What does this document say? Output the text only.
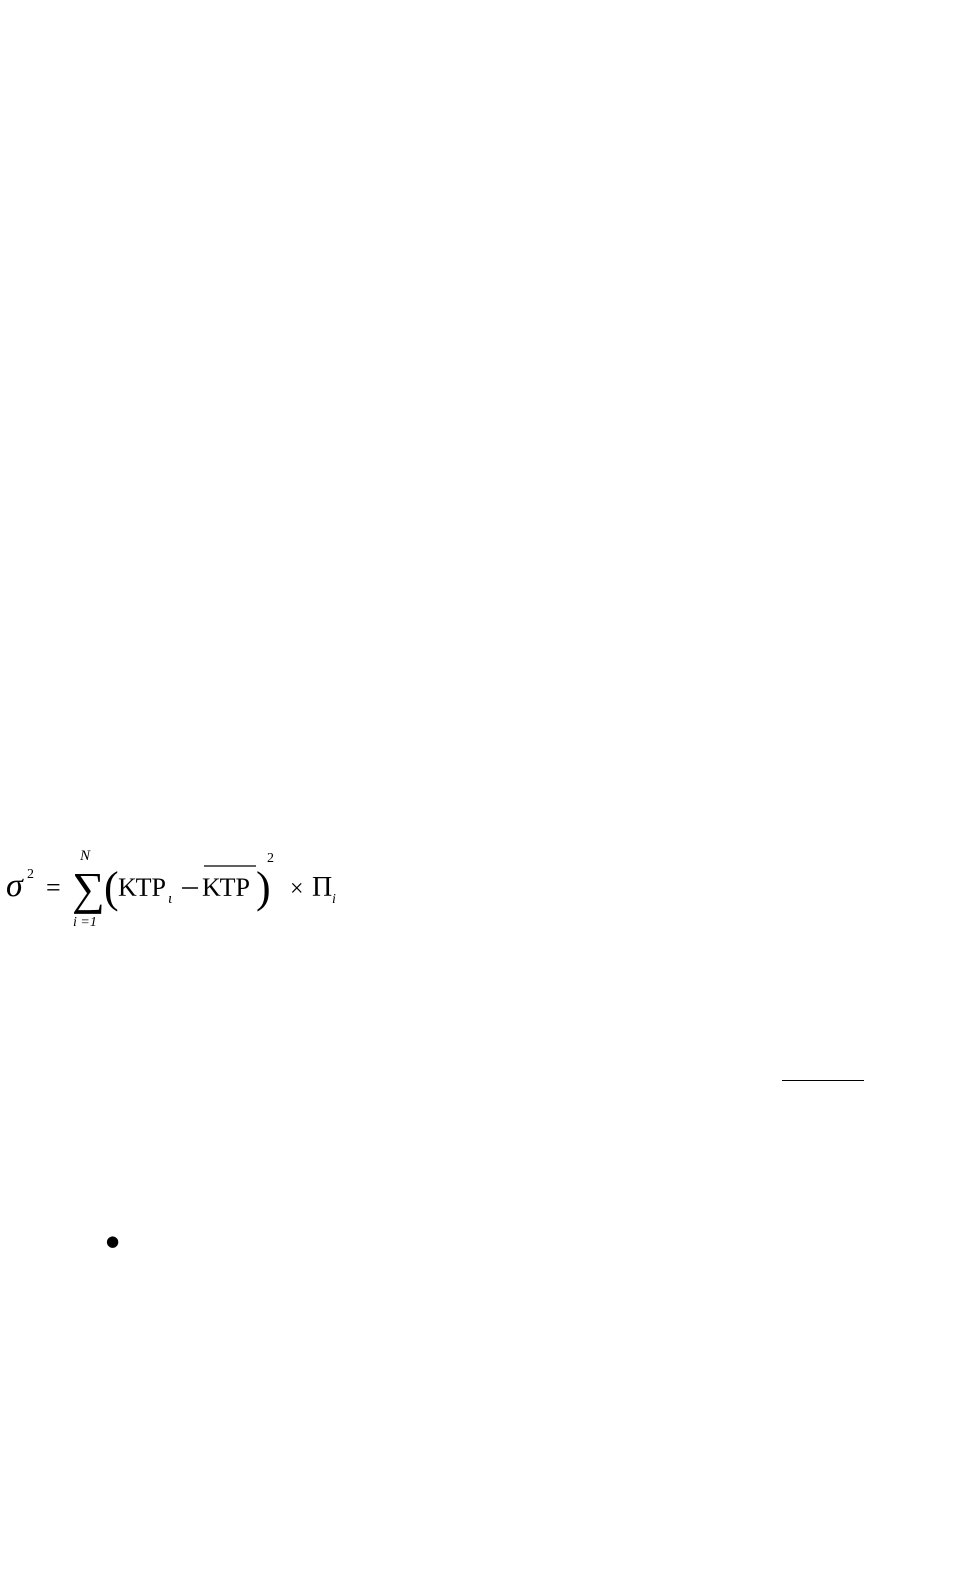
σ 2 =
N
∑
i =1
( ΚΤΡ ι ΚΤΡ )
2
× Π i

●
